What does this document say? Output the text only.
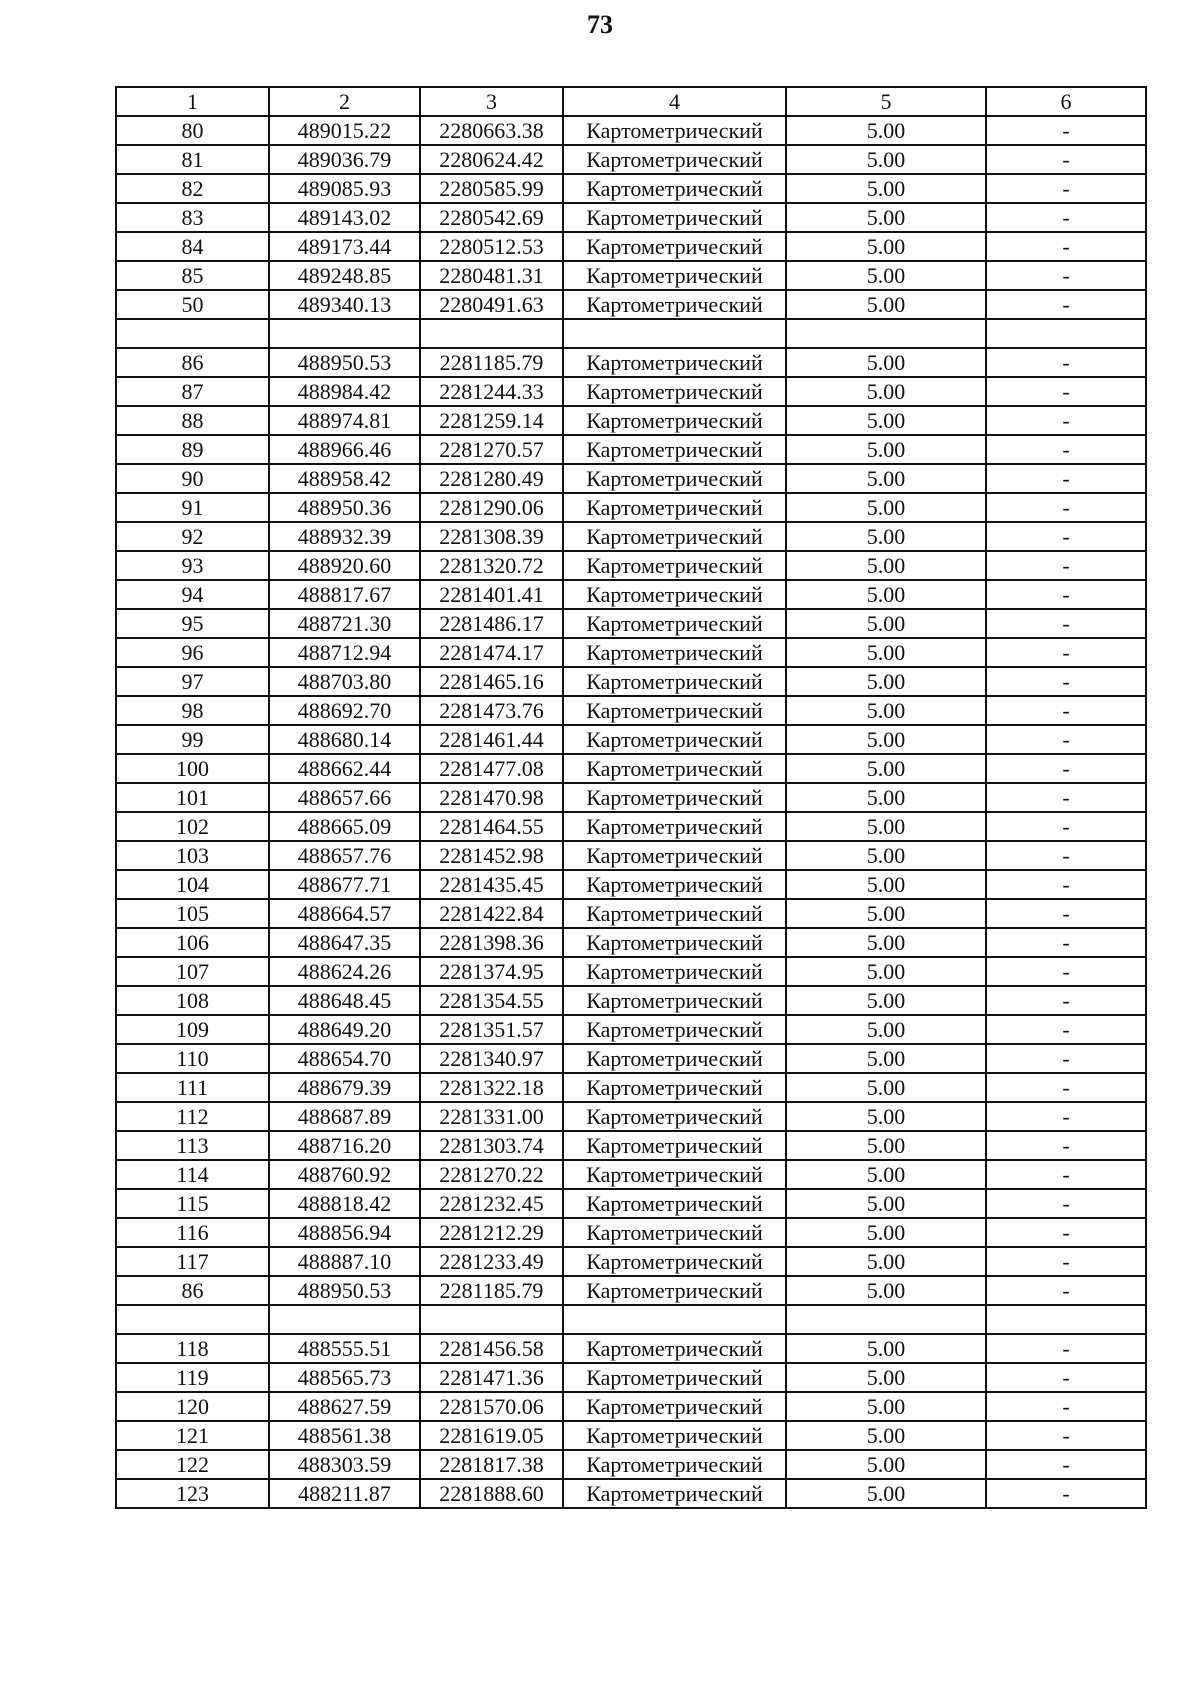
73
1	2	3	4	5	6
80	489015.22	2280663.38	Картометрический	5.00	-
81	489036.79	2280624.42	Картометрический	5.00	-
82	489085.93	2280585.99	Картометрический	5.00	-
83	489143.02	2280542.69	Картометрический	5.00	-
84	489173.44	2280512.53	Картометрический	5.00	-
85	489248.85	2280481.31	Картометрический	5.00	-
50	489340.13	2280491.63	Картометрический	5.00	-

86	488950.53	2281185.79	Картометрический	5.00	-
87	488984.42	2281244.33	Картометрический	5.00	-
88	488974.81	2281259.14	Картометрический	5.00	-
89	488966.46	2281270.57	Картометрический	5.00	-
90	488958.42	2281280.49	Картометрический	5.00	-
91	488950.36	2281290.06	Картометрический	5.00	-
92	488932.39	2281308.39	Картометрический	5.00	-
93	488920.60	2281320.72	Картометрический	5.00	-
94	488817.67	2281401.41	Картометрический	5.00	-
95	488721.30	2281486.17	Картометрический	5.00	-
96	488712.94	2281474.17	Картометрический	5.00	-
97	488703.80	2281465.16	Картометрический	5.00	-
98	488692.70	2281473.76	Картометрический	5.00	-
99	488680.14	2281461.44	Картометрический	5.00	-
100	488662.44	2281477.08	Картометрический	5.00	-
101	488657.66	2281470.98	Картометрический	5.00	-
102	488665.09	2281464.55	Картометрический	5.00	-
103	488657.76	2281452.98	Картометрический	5.00	-
104	488677.71	2281435.45	Картометрический	5.00	-
105	488664.57	2281422.84	Картометрический	5.00	-
106	488647.35	2281398.36	Картометрический	5.00	-
107	488624.26	2281374.95	Картометрический	5.00	-
108	488648.45	2281354.55	Картометрический	5.00	-
109	488649.20	2281351.57	Картометрический	5.00	-
110	488654.70	2281340.97	Картометрический	5.00	-
111	488679.39	2281322.18	Картометрический	5.00	-
112	488687.89	2281331.00	Картометрический	5.00	-
113	488716.20	2281303.74	Картометрический	5.00	-
114	488760.92	2281270.22	Картометрический	5.00	-
115	488818.42	2281232.45	Картометрический	5.00	-
116	488856.94	2281212.29	Картометрический	5.00	-
117	488887.10	2281233.49	Картометрический	5.00	-
86	488950.53	2281185.79	Картометрический	5.00	-

118	488555.51	2281456.58	Картометрический	5.00	-
119	488565.73	2281471.36	Картометрический	5.00	-
120	488627.59	2281570.06	Картометрический	5.00	-
121	488561.38	2281619.05	Картометрический	5.00	-
122	488303.59	2281817.38	Картометрический	5.00	-
123	488211.87	2281888.60	Картометрический	5.00	-
